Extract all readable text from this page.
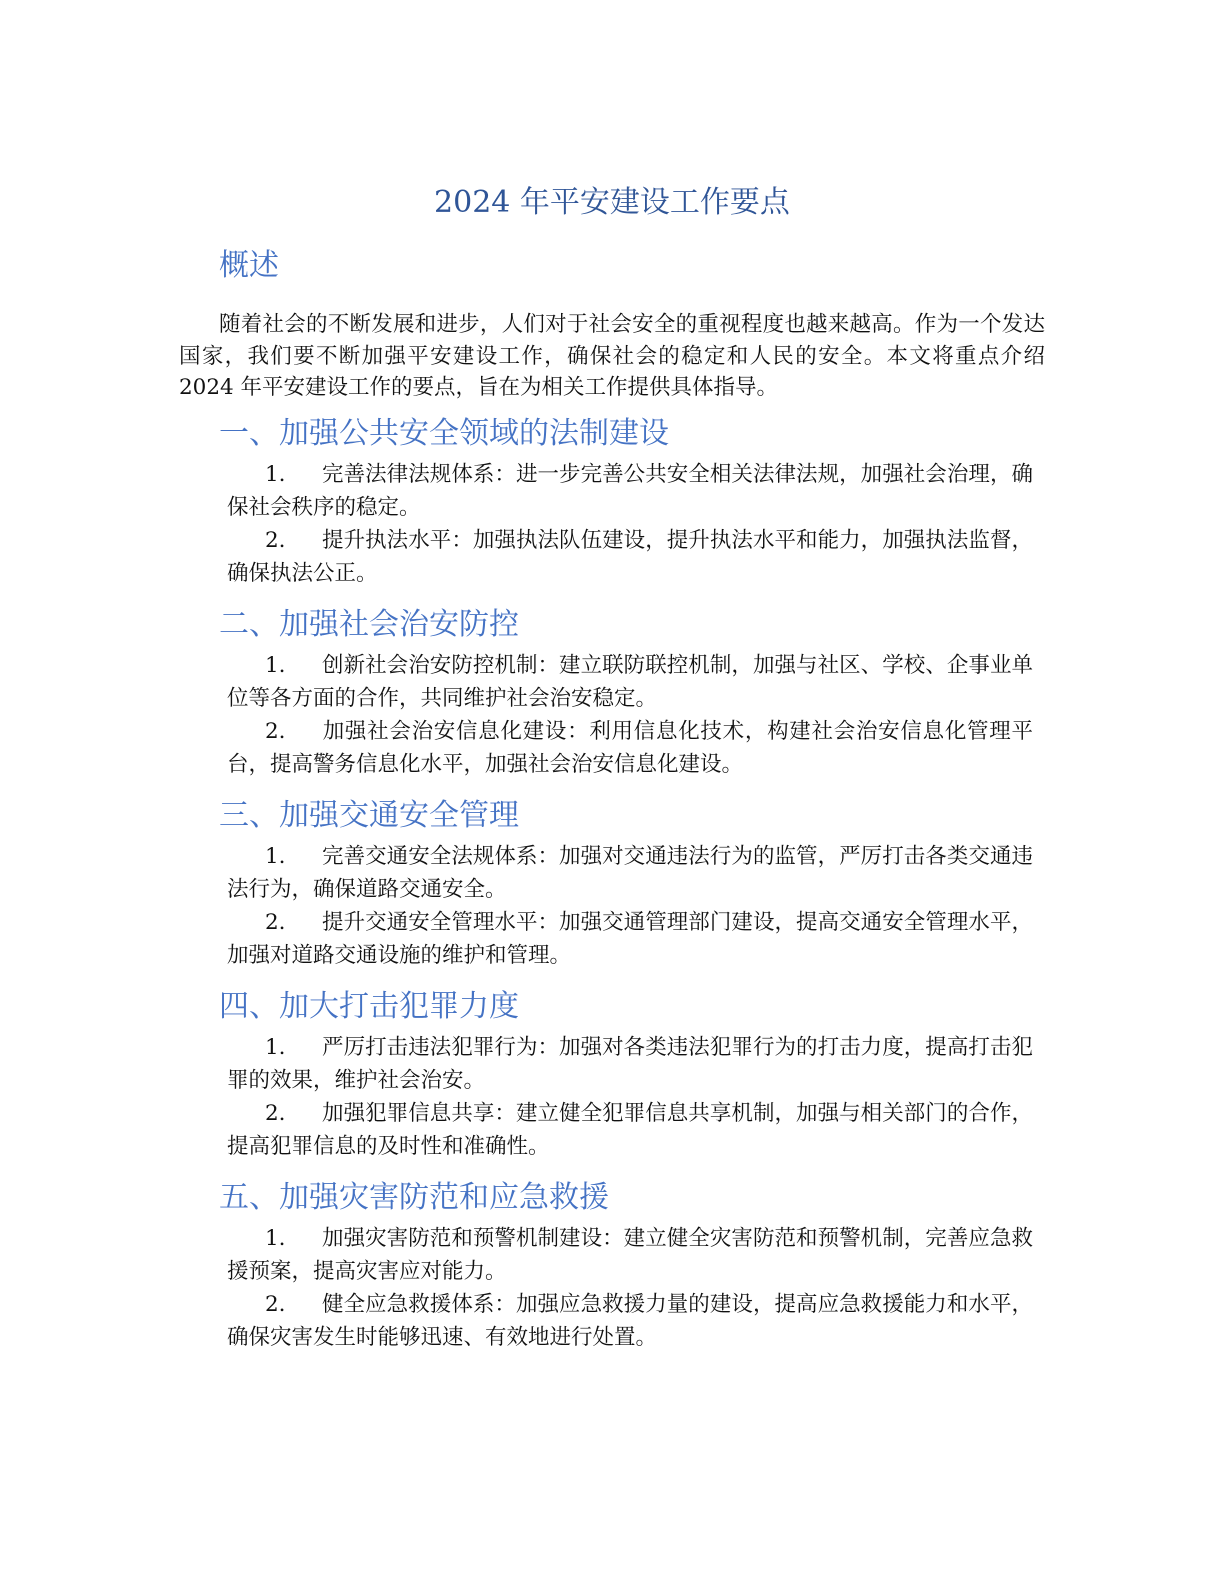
2024 年平安建设工作要点
概述

随着社会的不断发展和进步，人们对于社会安全的重视程度也越来越高。作为一个发达国家，我们要不断加强平安建设工作，确保社会的稳定和人民的安全。本文将重点介绍2024 年平安建设工作的要点，旨在为相关工作提供具体指导。

一、加强公共安全领域的法制建设

1. 完善法律法规体系：进一步完善公共安全相关法律法规，加强社会治理，确保社会秩序的稳定。

2. 提升执法水平：加强执法队伍建设，提升执法水平和能力，加强执法监督，确保执法公正。

二、加强社会治安防控

1. 创新社会治安防控机制：建立联防联控机制，加强与社区、学校、企事业单位等各方面的合作，共同维护社会治安稳定。

2. 加强社会治安信息化建设：利用信息化技术，构建社会治安信息化管理平台，提高警务信息化水平，加强社会治安信息化建设。

三、加强交通安全管理

1. 完善交通安全法规体系：加强对交通违法行为的监管，严厉打击各类交通违法行为，确保道路交通安全。

2. 提升交通安全管理水平：加强交通管理部门建设，提高交通安全管理水平，加强对道路交通设施的维护和管理。

四、加大打击犯罪力度

1. 严厉打击违法犯罪行为：加强对各类违法犯罪行为的打击力度，提高打击犯罪的效果，维护社会治安。

2. 加强犯罪信息共享：建立健全犯罪信息共享机制，加强与相关部门的合作，提高犯罪信息的及时性和准确性。

五、加强灾害防范和应急救援

1. 加强灾害防范和预警机制建设：建立健全灾害防范和预警机制，完善应急救援预案，提高灾害应对能力。

2. 健全应急救援体系：加强应急救援力量的建设，提高应急救援能力和水平，确保灾害发生时能够迅速、有效地进行处置。
